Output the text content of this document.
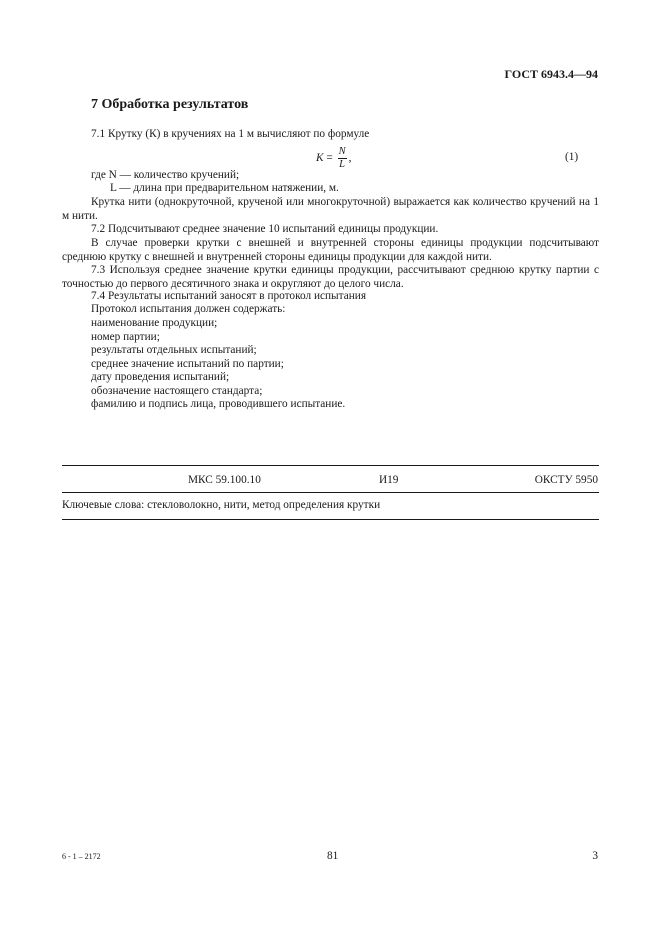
ГОСТ 6943.4—94
7 Обработка результатов
7.1 Крутку (К) в кручениях на 1 м вычисляют по формуле
$K = \frac{N}{L}$ ,	(1)
где N — количество кручений;
L — длина при предварительном натяжении, м.
Крутка нити (однокруточной, крученой или многокруточной) выражается как количество кручений на 1 м нити.
7.2 Подсчитывают среднее значение 10 испытаний единицы продукции.
В случае проверки крутки с внешней и внутренней стороны единицы продукции подсчитывают среднюю крутку с внешней и внутренней стороны единицы продукции для каждой нити.
7.3 Используя среднее значение крутки единицы продукции, рассчитывают среднюю крутку партии с точностью до первого десятичного знака и округляют до целого числа.
7.4 Результаты испытаний заносят в протокол испытания
Протокол испытания должен содержать:
наименование продукции;
номер партии;
результаты отдельных испытаний;
среднее значение испытаний по партии;
дату проведения испытаний;
обозначение настоящего стандарта;
фамилию и подпись лица, проводившего испытание.
МКС 59.100.10	И19	ОКСТУ 5950
Ключевые слова: стекловолокно, нити, метод определения крутки
6 - 1 – 2172	81	3
